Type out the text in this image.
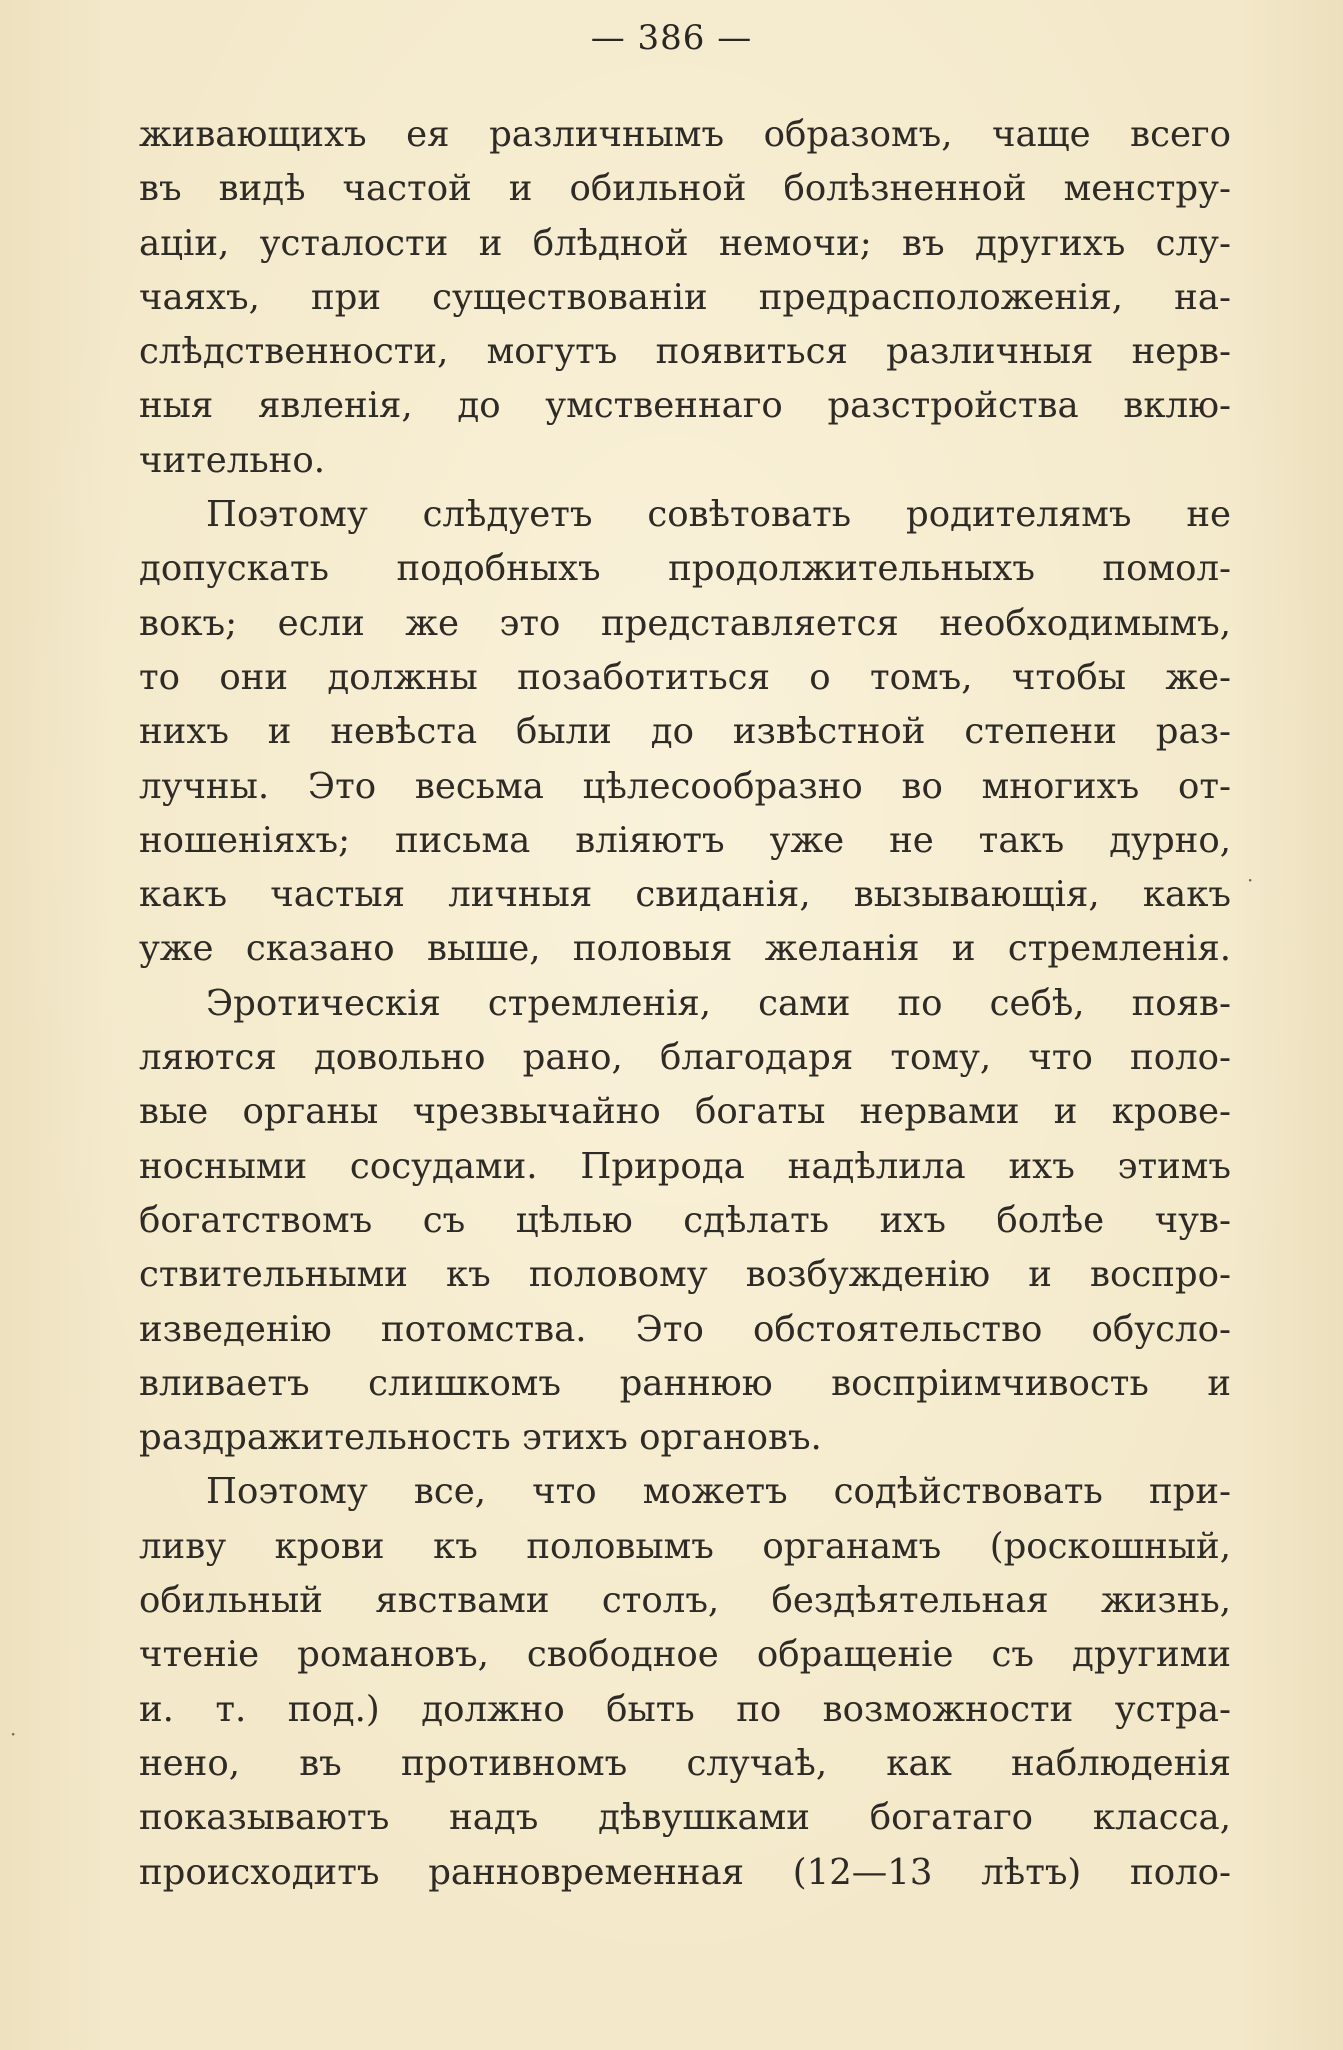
— 386 —
живающихъ ея различнымъ образомъ, чаще всего
въ видѣ частой и обильной болѣзненной менстру-
аціи, усталости и блѣдной немочи; въ другихъ слу-
чаяхъ, при существованіи предрасположенія, на-
слѣдственности, могутъ появиться различныя нерв-
ныя явленія, до умственнаго разстройства вклю-
чительно.
Поэтому слѣдуетъ совѣтовать родителямъ не
допускать подобныхъ продолжительныхъ помол-
вокъ; если же это представляется необходимымъ,
то они должны позаботиться о томъ, чтобы же-
нихъ и невѣста были до извѣстной степени раз-
лучны. Это весьма цѣлесообразно во многихъ от-
ношеніяхъ; письма вліяютъ уже не такъ дурно,
какъ частыя личныя свиданія, вызывающія, какъ
уже сказано выше, половыя желанія и стремленія.
Эротическія стремленія, сами по себѣ, появ-
ляются довольно рано, благодаря тому, что поло-
вые органы чрезвычайно богаты нервами и крове-
носными сосудами. Природа надѣлила ихъ этимъ
богатствомъ съ цѣлью сдѣлать ихъ болѣе чув-
ствительными къ половому возбужденію и воспро-
изведенію потомства. Это обстоятельство обусло-
вливаетъ слишкомъ раннюю воспріимчивость и
раздражительность этихъ органовъ.
Поэтому все, что можетъ содѣйствовать при-
ливу крови къ половымъ органамъ (роскошный,
обильный явствами столъ, бездѣятельная жизнь,
чтеніе романовъ, свободное обращеніе съ другими
и. т. под.) должно быть по возможности устра-
нено, въ противномъ случаѣ, как наблюденія
показываютъ надъ дѣвушками богатаго класса,
происходитъ ранновременная (12—13 лѣтъ) поло-
·
·
